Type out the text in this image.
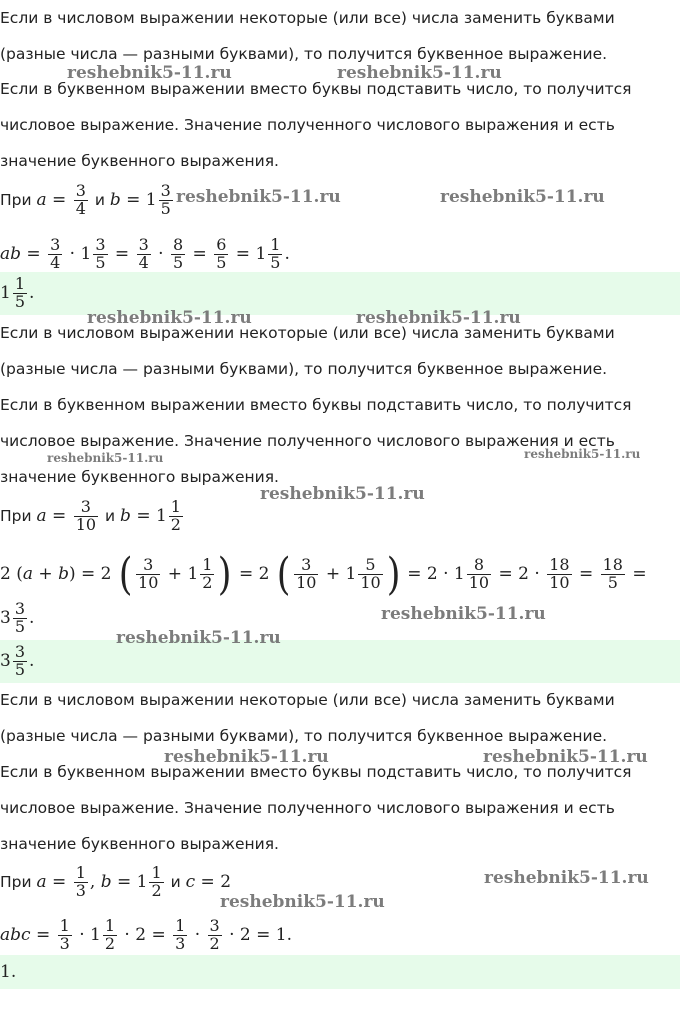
Если в числовом выражении некоторые (или все) числа заменить буквами

(разные числа — разными буквами), то получится буквенное выражение.

Если в буквенном выражении вместо буквы подставить число, то получится

числовое выражение. Значение полученного числового выражения и есть

значение буквенного выражения.

При $a = \frac{3}{4}$ и $b = 1 \frac{3}{5}$
ab = $\frac{3}{4} \cdot 1 \frac{3}{5} = \frac{3}{4} \cdot \frac{8}{5} = \frac{6}{5} = 1 \frac{1}{5}$ .
$1 \frac{1}{5}$ .

Если в числовом выражении некоторые (или все) числа заменить буквами

(разные числа — разными буквами), то получится буквенное выражение.

Если в буквенном выражении вместо буквы подставить число, то получится

числовое выражение. Значение полученного числового выражения и есть

значение буквенного выражения.

При $a = \frac{3}{10}$ и $b = 1 \frac{1}{2}$
2 (a + b) = 2 ( $\frac{3}{10} + 1 \frac{1}{2}$ ) = 2 ( $\frac{3}{10} + 1 \frac{5}{10}$ ) = $2 \cdot 1 \frac{8}{10} = 2 \cdot \frac{18}{10} = \frac{18}{5}$ =
$3 \frac{3}{5}$ .
$3 \frac{3}{5}$ .

Если в числовом выражении некоторые (или все) числа заменить буквами

(разные числа — разными буквами), то получится буквенное выражение.

Если в буквенном выражении вместо буквы подставить число, то получится

числовое выражение. Значение полученного числового выражения и есть

значение буквенного выражения.

При $a = \frac{1}{3}$ , $b = 1 \frac{1}{2}$ и c = 2
abc = $\frac{1}{3} \cdot 1 \frac{1}{2} \cdot 2 = \frac{1}{3} \cdot \frac{3}{2} \cdot 2 = 1$.
1.
reshebnik5-11.ru	reshebnik5-11.ru
reshebnik5-11.ru	reshebnik5-11.ru
reshebnik5-11.ru	reshebnik5-11.ru
reshebnik5-11.ru	reshebnik5-11.ru
reshebnik5-11.ru
reshebnik5-11.ru
reshebnik5-11.ru
reshebnik5-11.ru	reshebnik5-11.ru
reshebnik5-11.ru
reshebnik5-11.ru
